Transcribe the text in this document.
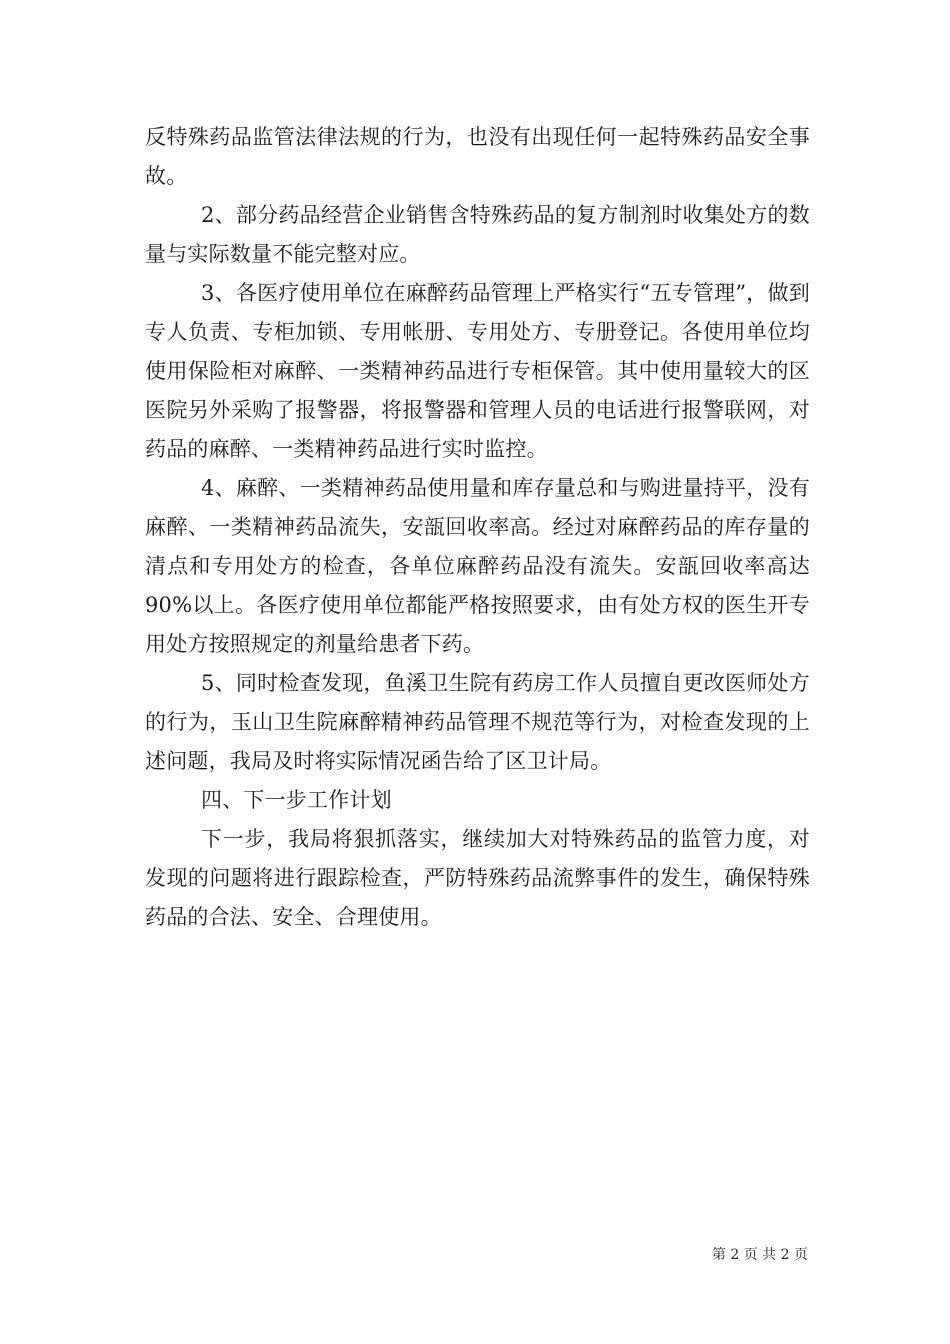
反特殊药品监管法律法规的行为，也没有出现任何一起特殊药品安全事故。

2、部分药品经营企业销售含特殊药品的复方制剂时收集处方的数量与实际数量不能完整对应。

3、各医疗使用单位在麻醉药品管理上严格实行“五专管理”，做到专人负责、专柜加锁、专用帐册、专用处方、专册登记。各使用单位均使用保险柜对麻醉、一类精神药品进行专柜保管。其中使用量较大的区医院另外采购了报警器，将报警器和管理人员的电话进行报警联网，对药品的麻醉、一类精神药品进行实时监控。

4、麻醉、一类精神药品使用量和库存量总和与购进量持平，没有麻醉、一类精神药品流失，安瓿回收率高。经过对麻醉药品的库存量的清点和专用处方的检查，各单位麻醉药品没有流失。安瓿回收率高达90%以上。各医疗使用单位都能严格按照要求，由有处方权的医生开专用处方按照规定的剂量给患者下药。

5、同时检查发现，鱼溪卫生院有药房工作人员擅自更改医师处方的行为，玉山卫生院麻醉精神药品管理不规范等行为，对检查发现的上述问题，我局及时将实际情况函告给了区卫计局。

四、下一步工作计划

下一步，我局将狠抓落实，继续加大对特殊药品的监管力度，对发现的问题将进行跟踪检查，严防特殊药品流弊事件的发生，确保特殊药品的合法、安全、合理使用。

第 2 页 共 2 页
